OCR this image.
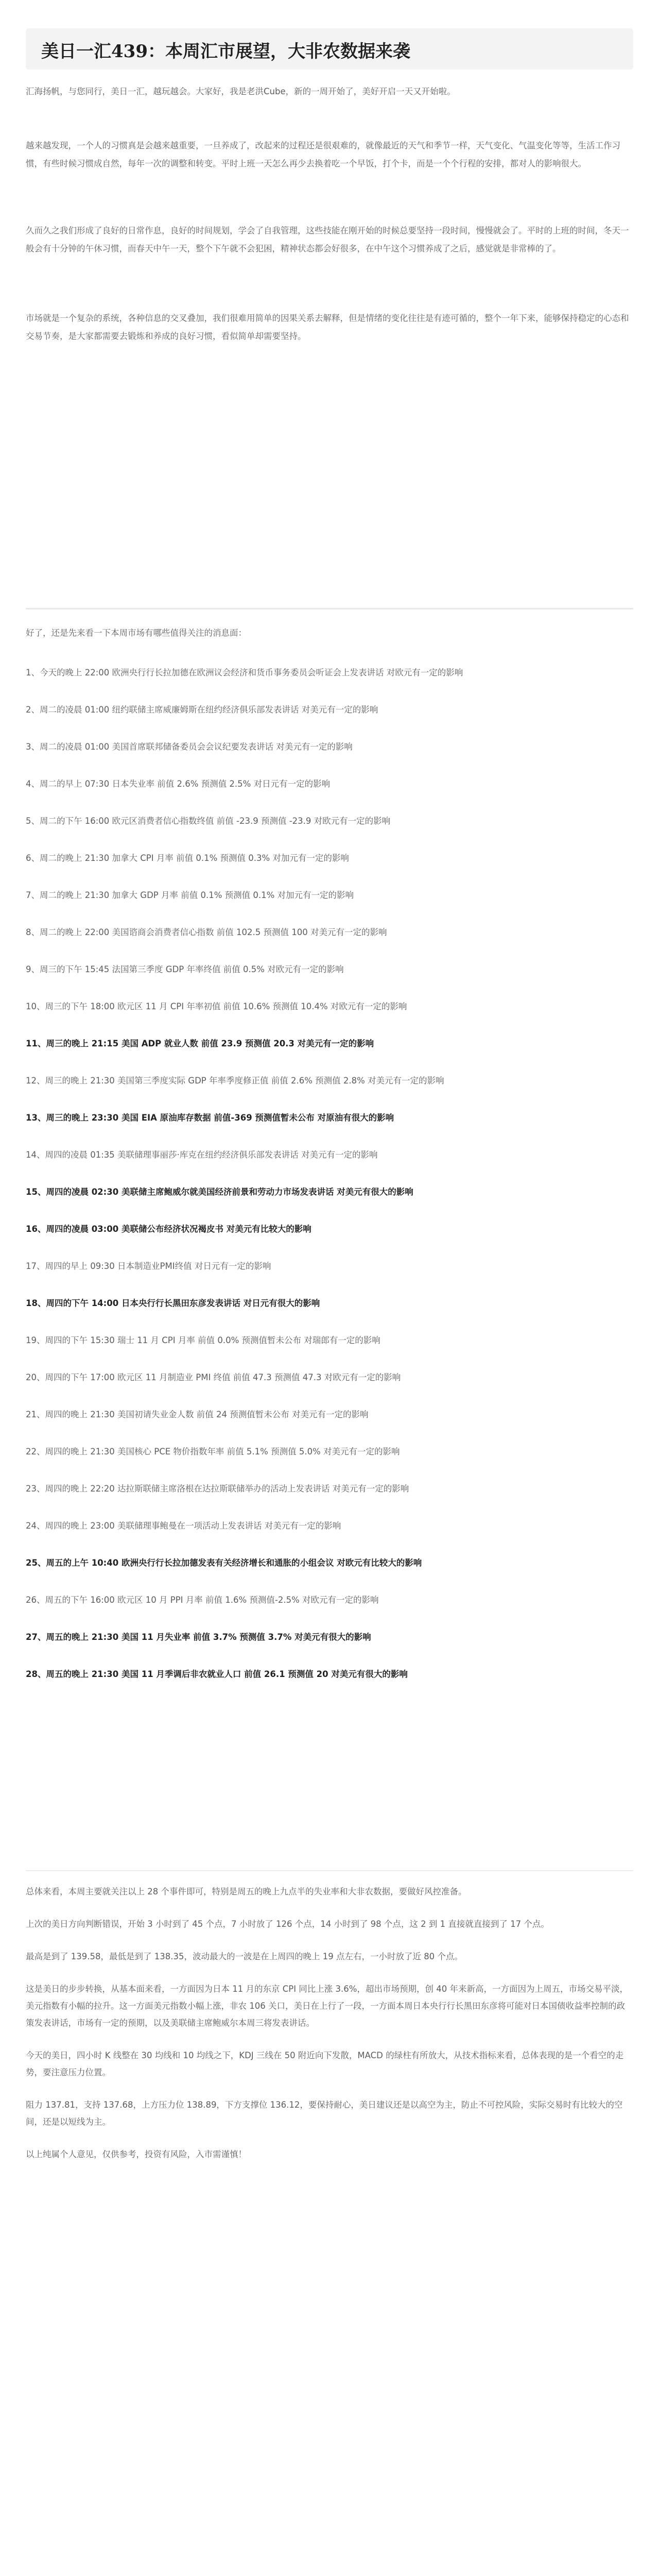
美日一汇439：本周汇市展望，大非农数据来袭
汇海扬帆，与您同行，美日一汇，越玩越会。大家好，我是老洪Cube，新的一周开始了，美好开启一天又开始啦。
越来越发现，一个人的习惯真是会越来越重要，一旦养成了，改起来的过程还是很艰难的，就像最近的天气和季节一样，天气变化、气温变化等等，生活工作习惯，有些时候习惯成自然，每年一次的调整和转变。平时上班一天怎么再少去换着吃一个早饭，打个卡，而是一个个行程的安排，都对人的影响很大。
久而久之我们形成了良好的日常作息，良好的时间规划，学会了自我管理，这些技能在刚开始的时候总要坚持一段时间，慢慢就会了。平时的上班的时间，冬天一般会有十分钟的午休习惯，而春天中午一天，整个下午就不会犯困，精神状态都会好很多，在中午这个习惯养成了之后，感觉就是非常棒的了。
市场就是一个复杂的系统，各种信息的交叉叠加，我们很难用简单的因果关系去解释，但是情绪的变化往往是有迹可循的，整个一年下来，能够保持稳定的心态和交易节奏，是大家都需要去锻炼和养成的良好习惯，看似简单却需要坚持。
好了，还是先来看一下本周市场有哪些值得关注的消息面：
1、今天的晚上 22:00 欧洲央行行长拉加德在欧洲议会经济和货币事务委员会听证会上发表讲话 对欧元有一定的影响
2、周二的凌晨 01:00 纽约联储主席威廉姆斯在纽约经济俱乐部发表讲话 对美元有一定的影响
3、周二的凌晨 01:00 美国首席联邦储备委员会会议纪要发表讲话 对美元有一定的影响
4、周二的早上 07:30 日本失业率 前值 2.6% 预测值 2.5% 对日元有一定的影响
5、周二的下午 16:00 欧元区消费者信心指数终值 前值 -23.9 预测值 -23.9 对欧元有一定的影响
6、周二的晚上 21:30 加拿大 CPI 月率 前值 0.1% 预测值 0.3% 对加元有一定的影响
7、周二的晚上 21:30 加拿大 GDP 月率 前值 0.1% 预测值 0.1% 对加元有一定的影响
8、周二的晚上 22:00 美国谘商会消费者信心指数 前值 102.5 预测值 100 对美元有一定的影响
9、周三的下午 15:45 法国第三季度 GDP 年率终值 前值 0.5% 对欧元有一定的影响
10、周三的下午 18:00 欧元区 11 月 CPI 年率初值 前值 10.6% 预测值 10.4% 对欧元有一定的影响
11、周三的晚上 21:15 美国 ADP 就业人数 前值 23.9 预测值 20.3 对美元有一定的影响
12、周三的晚上 21:30 美国第三季度实际 GDP 年率季度修正值 前值 2.6% 预测值 2.8% 对美元有一定的影响
13、周三的晚上 23:30 美国 EIA 原油库存数据 前值-369 预测值暂未公布 对原油有很大的影响
14、周四的凌晨 01:35 美联储理事丽莎·库克在纽约经济俱乐部发表讲话 对美元有一定的影响
15、周四的凌晨 02:30 美联储主席鲍威尔就美国经济前景和劳动力市场发表讲话 对美元有很大的影响
16、周四的凌晨 03:00 美联储公布经济状况褐皮书 对美元有比较大的影响
17、周四的早上 09:30 日本制造业PMI终值 对日元有一定的影响
18、周四的下午 14:00 日本央行行长黑田东彦发表讲话 对日元有很大的影响
19、周四的下午 15:30 瑞士 11 月 CPI 月率 前值 0.0% 预测值暂未公布 对瑞郎有一定的影响
20、周四的下午 17:00 欧元区 11 月制造业 PMI 终值 前值 47.3 预测值 47.3 对欧元有一定的影响
21、周四的晚上 21:30 美国初请失业金人数 前值 24 预测值暂未公布 对美元有一定的影响
22、周四的晚上 21:30 美国核心 PCE 物价指数年率 前值 5.1% 预测值 5.0% 对美元有一定的影响
23、周四的晚上 22:20 达拉斯联储主席洛根在达拉斯联储举办的活动上发表讲话 对美元有一定的影响
24、周四的晚上 23:00 美联储理事鲍曼在一项活动上发表讲话 对美元有一定的影响
25、周五的上午 10:40 欧洲央行行长拉加德发表有关经济增长和通胀的小组会议 对欧元有比较大的影响
26、周五的下午 16:00 欧元区 10 月 PPI 月率 前值 1.6% 预测值-2.5% 对欧元有一定的影响
27、周五的晚上 21:30 美国 11 月失业率 前值 3.7% 预测值 3.7% 对美元有很大的影响
28、周五的晚上 21:30 美国 11 月季调后非农就业人口 前值 26.1 预测值 20 对美元有很大的影响

总体来看，本周主要就关注以上 28 个事件即可，特别是周五的晚上九点半的失业率和大非农数据，要做好风控准备。

上次的美日方向判断错误，开始 3 小时到了 45 个点，7 小时放了 126 个点，14 小时到了 98 个点，这 2 到 1 直接就直接到了 17 个点。

最高是到了 139.58，最低是到了 138.35，波动最大的一波是在上周四的晚上 19 点左右，一小时放了近 80 个点。

这是美日的步步转换，从基本面来看，一方面因为日本 11 月的东京 CPI 同比上涨 3.6%，超出市场预期，创 40 年来新高，一方面因为上周五，市场交易平淡，美元指数有小幅的拉升。这一方面美元指数小幅上涨，非农 106 关口，美日在上行了一段，一方面本周日本央行行长黑田东彦将可能对日本国债收益率控制的政策发表讲话，市场有一定的预期，以及美联储主席鲍威尔本周三将发表讲话。

今天的美日，四小时 K 线整在 30 均线和 10 均线之下，KDJ 三线在 50 附近向下发散，MACD 的绿柱有所放大，从技术指标来看，总体表现的是一个看空的走势，要注意压力位置。

阻力 137.81，支持 137.68，上方压力位 138.89，下方支撑位 136.12，要保持耐心，美日建议还是以高空为主，防止不可控风险，实际交易时有比较大的空间，还是以短线为主。

以上纯属个人意见，仅供参考，投资有风险，入市需谨慎！
